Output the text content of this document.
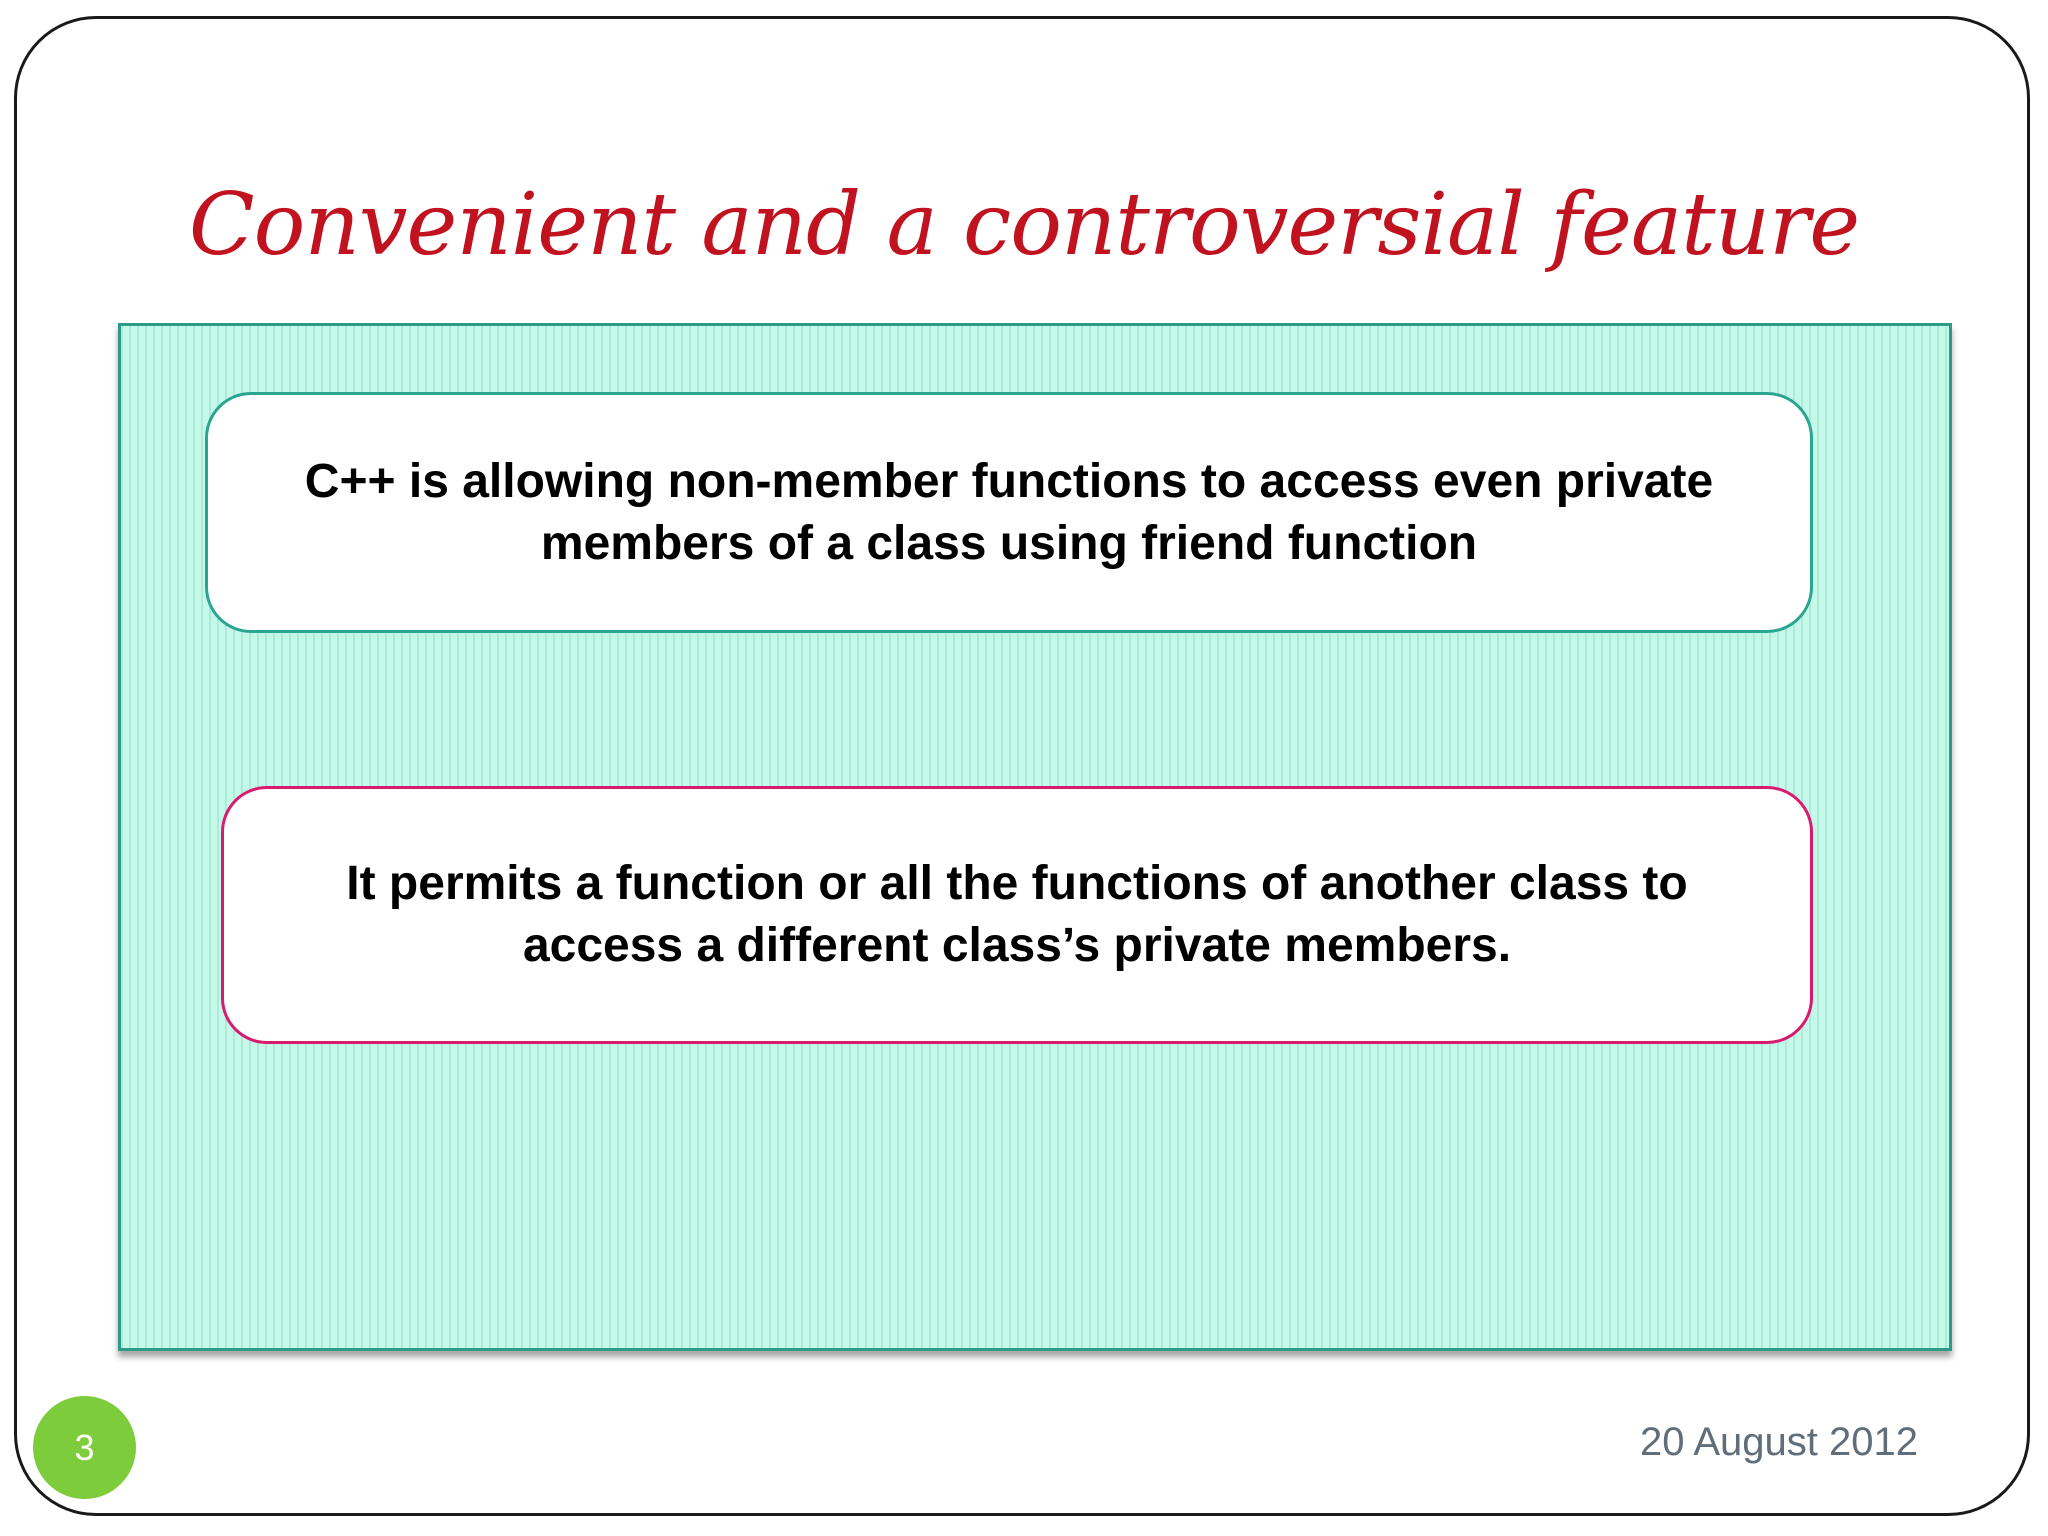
Convenient and a controversial feature
C++ is allowing non-member functions to access even private members of a class using friend function
It permits a function or all the functions of another class to access a different class’s private members.
3	20 August 2012
